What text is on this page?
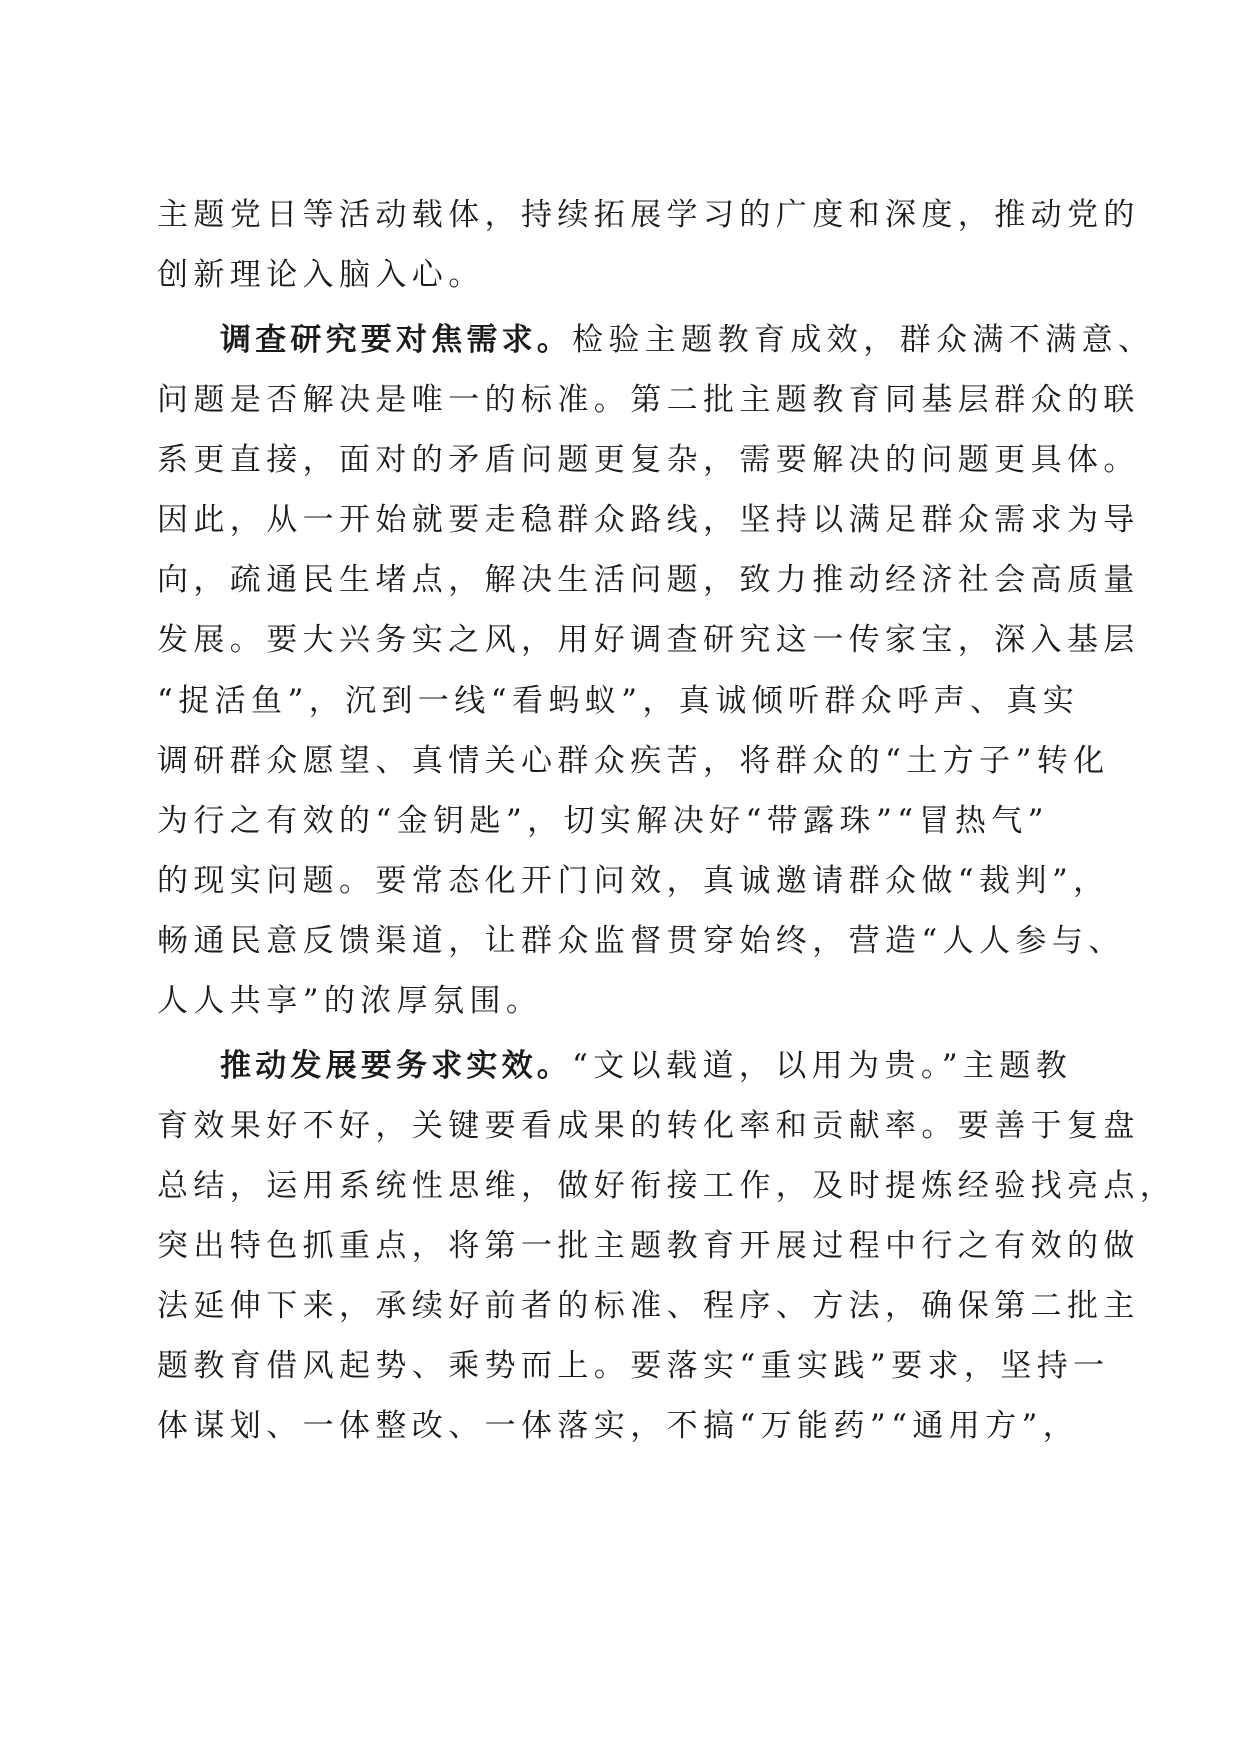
主题党日等活动载体，持续拓展学习的广度和深度，推动党的
创新理论入脑入心。
调查研究要对焦需求。检验主题教育成效，群众满不满意、
问题是否解决是唯一的标准。第二批主题教育同基层群众的联
系更直接，面对的矛盾问题更复杂，需要解决的问题更具体。
因此，从一开始就要走稳群众路线，坚持以满足群众需求为导
向，疏通民生堵点，解决生活问题，致力推动经济社会高质量
发展。要大兴务实之风，用好调查研究这一传家宝，深入基层
“捉活鱼”，沉到一线“看蚂蚁”，真诚倾听群众呼声、真实
调研群众愿望、真情关心群众疾苦，将群众的“土方子”转化
为行之有效的“金钥匙”，切实解决好“带露珠”“冒热气”
的现实问题。要常态化开门问效，真诚邀请群众做“裁判”，
畅通民意反馈渠道，让群众监督贯穿始终，营造“人人参与、
人人共享”的浓厚氛围。
推动发展要务求实效。“文以载道，以用为贵。”主题教
育效果好不好，关键要看成果的转化率和贡献率。要善于复盘
总结，运用系统性思维，做好衔接工作，及时提炼经验找亮点，
突出特色抓重点，将第一批主题教育开展过程中行之有效的做
法延伸下来，承续好前者的标准、程序、方法，确保第二批主
题教育借风起势、乘势而上。要落实“重实践”要求，坚持一
体谋划、一体整改、一体落实，不搞“万能药”“通用方”，
